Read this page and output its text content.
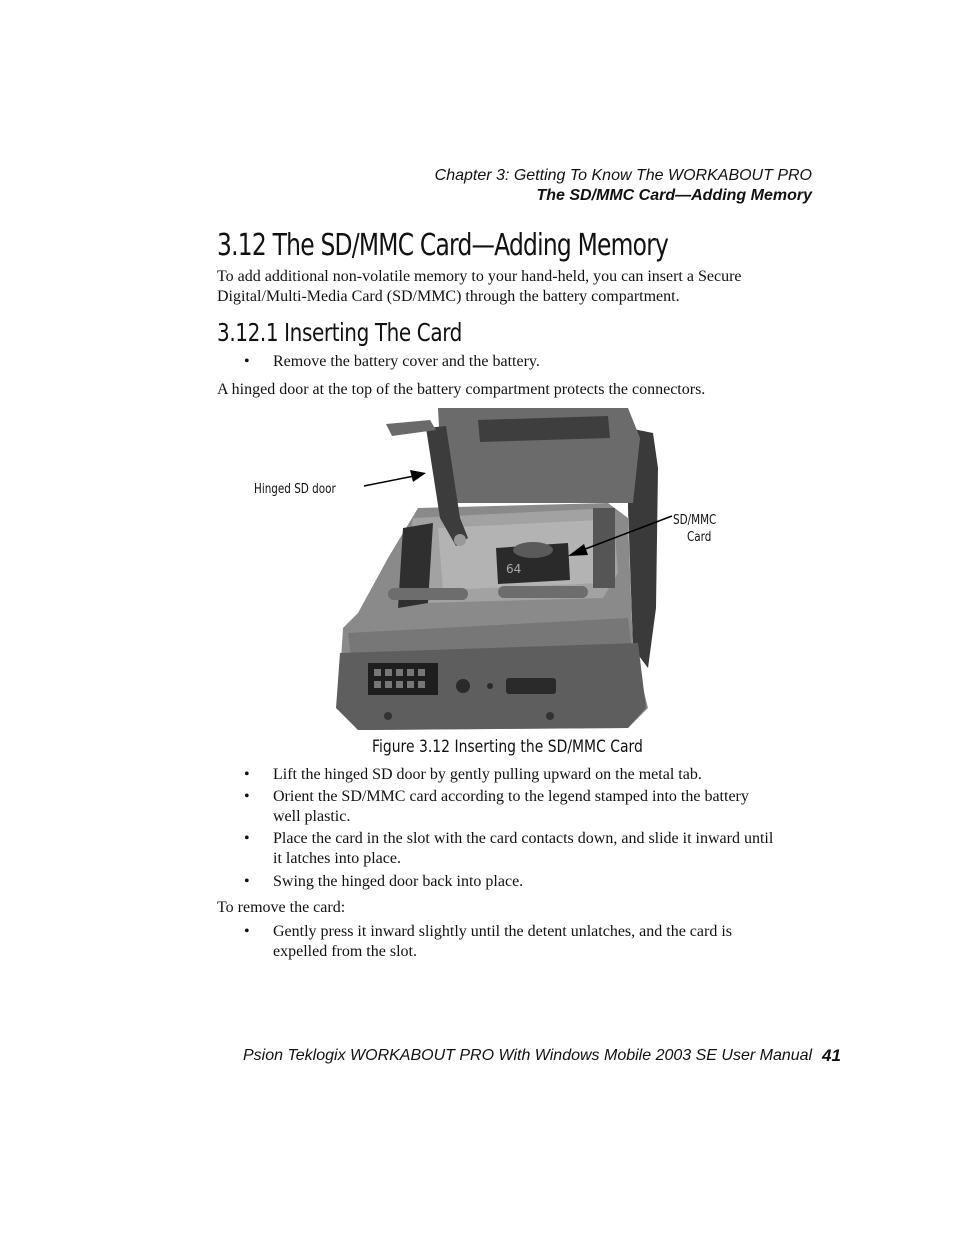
Chapter 3: Getting To Know The WORKABOUT PRO
The SD/MMC Card—Adding Memory
3.12 The SD/MMC Card—Adding Memory
To add additional non-volatile memory to your hand-held, you can insert a Secure Digital/Multi-Media Card (SD/MMC) through the battery compartment.
3.12.1 Inserting The Card
• Remove the battery cover and the battery.
A hinged door at the top of the battery compartment protects the connectors.
64
Hinged SD door
SD/MMC
Card
Figure 3.12 Inserting the SD/MMC Card
• Lift the hinged SD door by gently pulling upward on the metal tab.
• Orient the SD/MMC card according to the legend stamped into the battery well plastic.
• Place the card in the slot with the card contacts down, and slide it inward until it latches into place.
• Swing the hinged door back into place.
To remove the card:
• Gently press it inward slightly until the detent unlatches, and the card is expelled from the slot.
Psion Teklogix WORKABOUT PRO With Windows Mobile 2003 SE User Manual 41
